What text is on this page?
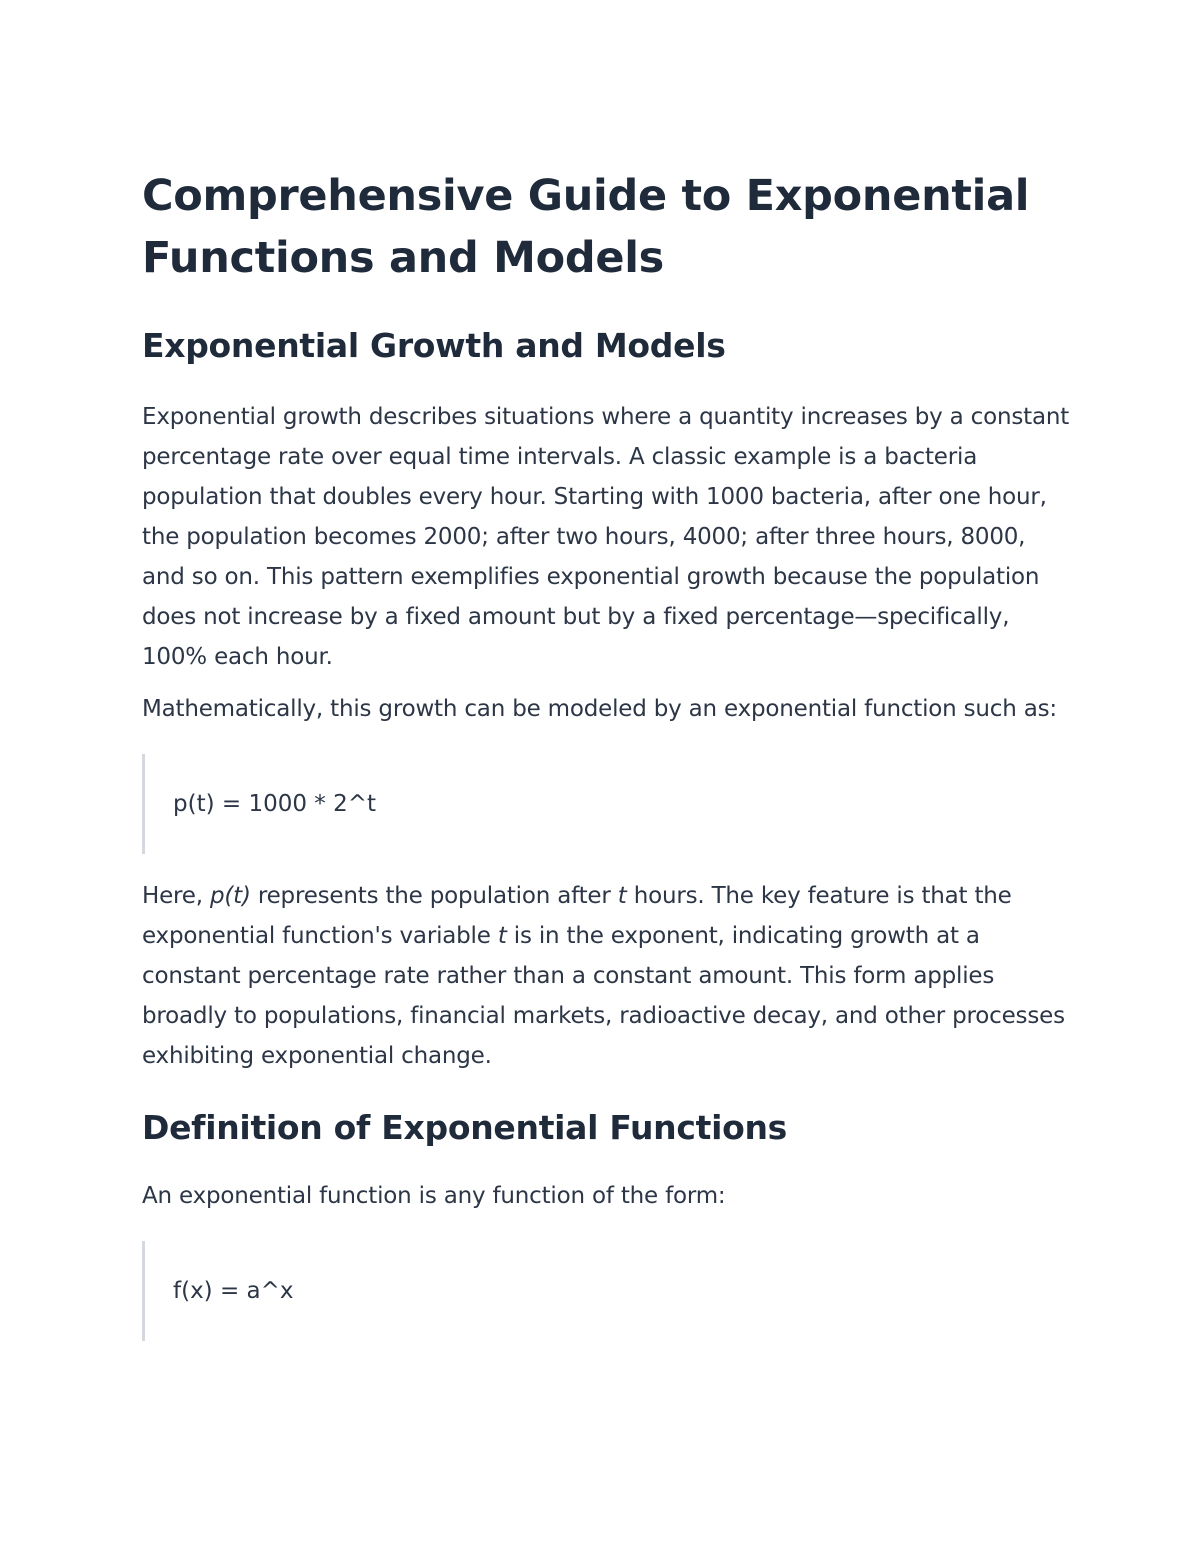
Comprehensive Guide to Exponential Functions and Models
Exponential Growth and Models

Exponential growth describes situations where a quantity increases by a constant percentage rate over equal time intervals. A classic example is a bacteria population that doubles every hour. Starting with 1000 bacteria, after one hour, the population becomes 2000; after two hours, 4000; after three hours, 8000, and so on. This pattern exemplifies exponential growth because the population does not increase by a fixed amount but by a fixed percentage—specifically, 100% each hour.

Mathematically, this growth can be modeled by an exponential function such as:

p(t) = 1000 * 2^t

Here, p(t) represents the population after t hours. The key feature is that the exponential function's variable t is in the exponent, indicating growth at a constant percentage rate rather than a constant amount. This form applies broadly to populations, financial markets, radioactive decay, and other processes exhibiting exponential change.

Definition of Exponential Functions

An exponential function is any function of the form:

f(x) = a^x
